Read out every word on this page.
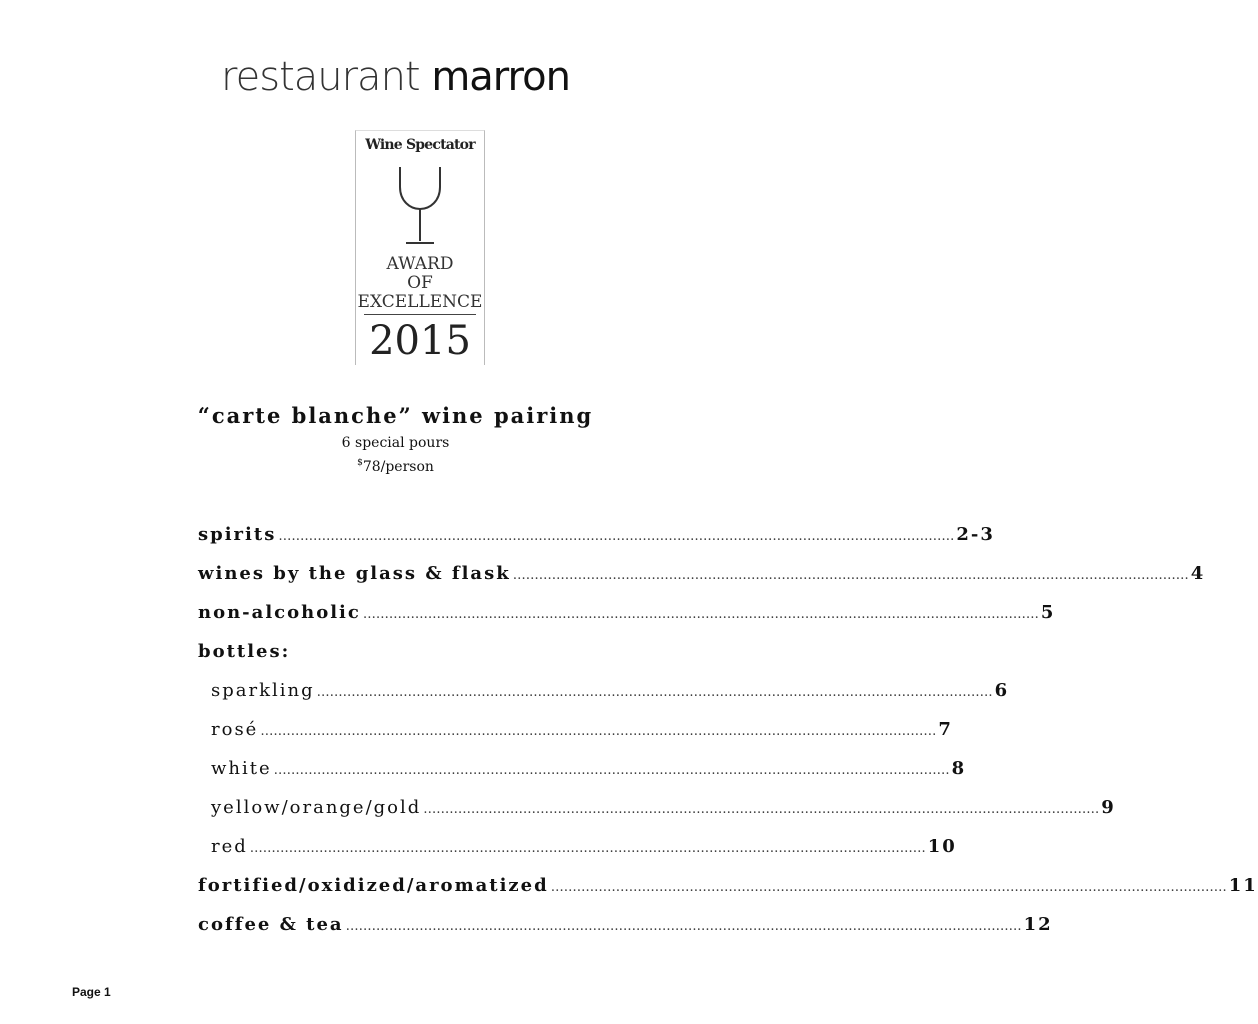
restaurant marron
Wine Spectator
AWARD
OF
EXCELLENCE
2015
“carte blanche” wine pairing
6 special pours
$78/person
spirits ………………………………………………………………………………………………………………………………………… 2-3
wines by the glass & flask ………………………………………………………………………………………………………………………………………… 4
non-alcoholic ………………………………………………………………………………………………………………………………………… 5
bottles:
sparkling ………………………………………………………………………………………………………………………………………… 6
rosé ………………………………………………………………………………………………………………………………………… 7
white ………………………………………………………………………………………………………………………………………… 8
yellow/orange/gold ………………………………………………………………………………………………………………………………………… 9
red ………………………………………………………………………………………………………………………………………… 10
fortified/oxidized/aromatized ………………………………………………………………………………………………………………………………………… 11
coffee & tea ………………………………………………………………………………………………………………………………………… 12
Page 1
